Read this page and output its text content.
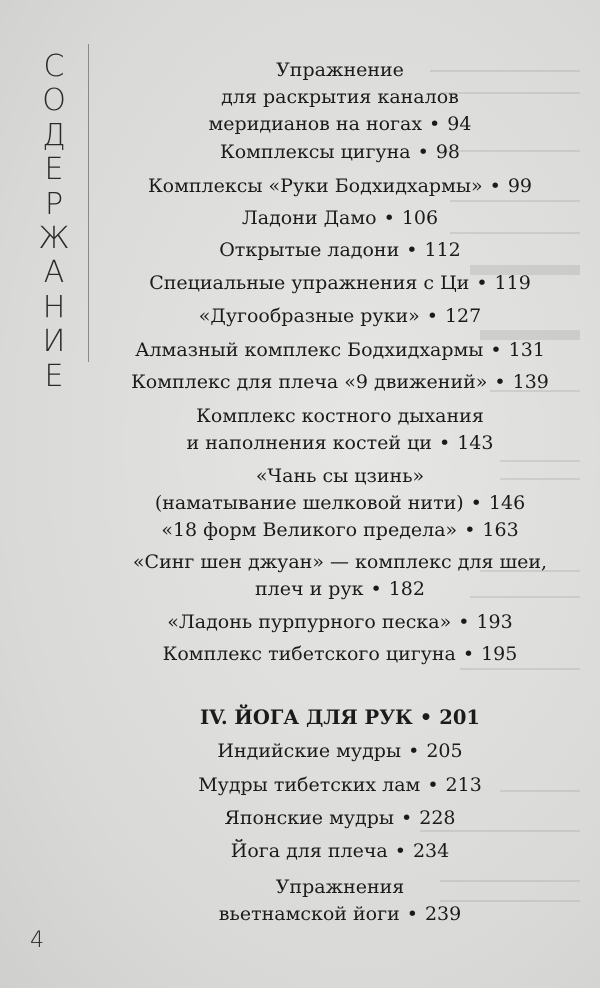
С
О
Д
Е
Р
Ж
А
Н
И
Е
Упражнение
для раскрытия каналов
меридианов на ногах • 94
Комплексы цигуна • 98
Комплексы «Руки Бодхидхармы» • 99
Ладони Дамо • 106
Открытые ладони • 112
Специальные упражнения с Ци • 119
«Дугообразные руки» • 127
Алмазный комплекс Бодхидхармы • 131
Комплекс для плеча «9 движений» • 139
Комплекс костного дыхания
и наполнения костей ци • 143
«Чань сы цзинь»
(наматывание шелковой нити) • 146
«18 форм Великого предела» • 163
«Синг шен джуан» — комплекс для шеи,
плеч и рук • 182
«Ладонь пурпурного песка» • 193
Комплекс тибетского цигуна • 195
IV. ЙОГА ДЛЯ РУК • 201
Индийские мудры • 205
Мудры тибетских лам • 213
Японские мудры • 228
Йога для плеча • 234
Упражнения
вьетнамской йоги • 239
4
